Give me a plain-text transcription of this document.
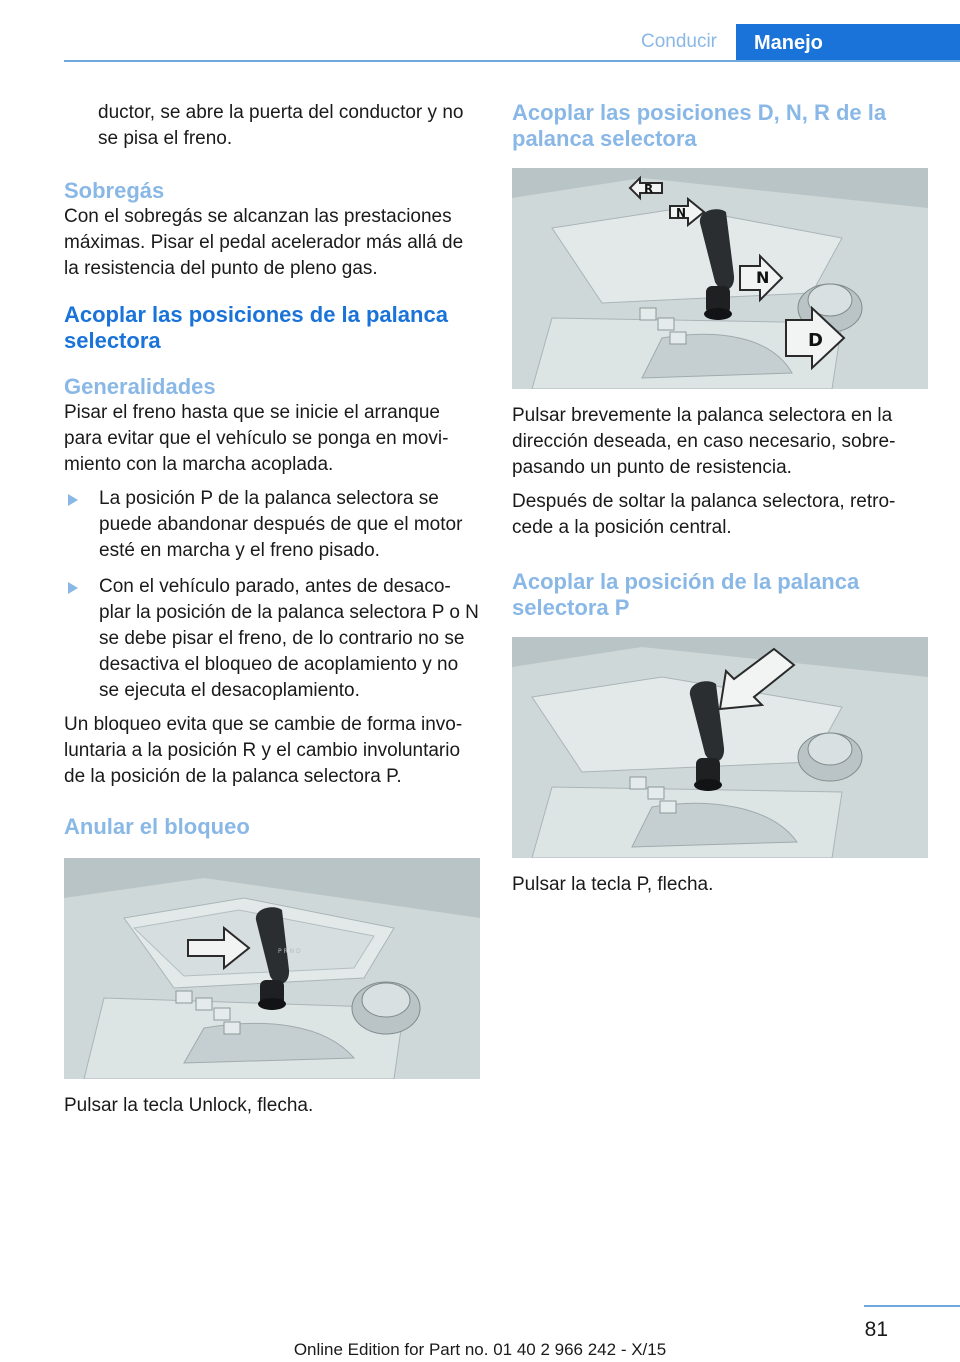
Conducir	Manejo

ductor, se abre la puerta del conductor y no se pisa el freno.

Sobregás

Con el sobregás se alcanzan las prestaciones máximas. Pisar el pedal acelerador más allá de la resistencia del punto de pleno gas.

Acoplar las posiciones de la palanca selectora
Generalidades

Pisar el freno hasta que se inicie el arranque para evitar que el vehículo se ponga en movi‐miento con la marcha acoplada.

La posición P de la palanca selectora se puede abandonar después de que el motor esté en marcha y el freno pisado.
Con el vehículo parado, antes de desaco‐plar la posición de la palanca selectora P o N se debe pisar el freno, de lo contrario no se desactiva el bloqueo de acoplamiento y no se ejecuta el desacoplamiento.

Un bloqueo evita que se cambie de forma invo‐luntaria a la posición R y el cambio involuntario de la posición de la palanca selectora P.

Anular el bloqueo
P R N D

Pulsar la tecla Unlock, flecha.

Acoplar las posiciones D, N, R de la palanca selectora
R
N
N
D

Pulsar brevemente la palanca selectora en la dirección deseada, en caso necesario, sobre‐pasando un punto de resistencia.

Después de soltar la palanca selectora, retro‐cede a la posición central.

Acoplar la posición de la palanca selectora P

Pulsar la tecla P, flecha.

81
Online Edition for Part no. 01 40 2 966 242 - X/15
